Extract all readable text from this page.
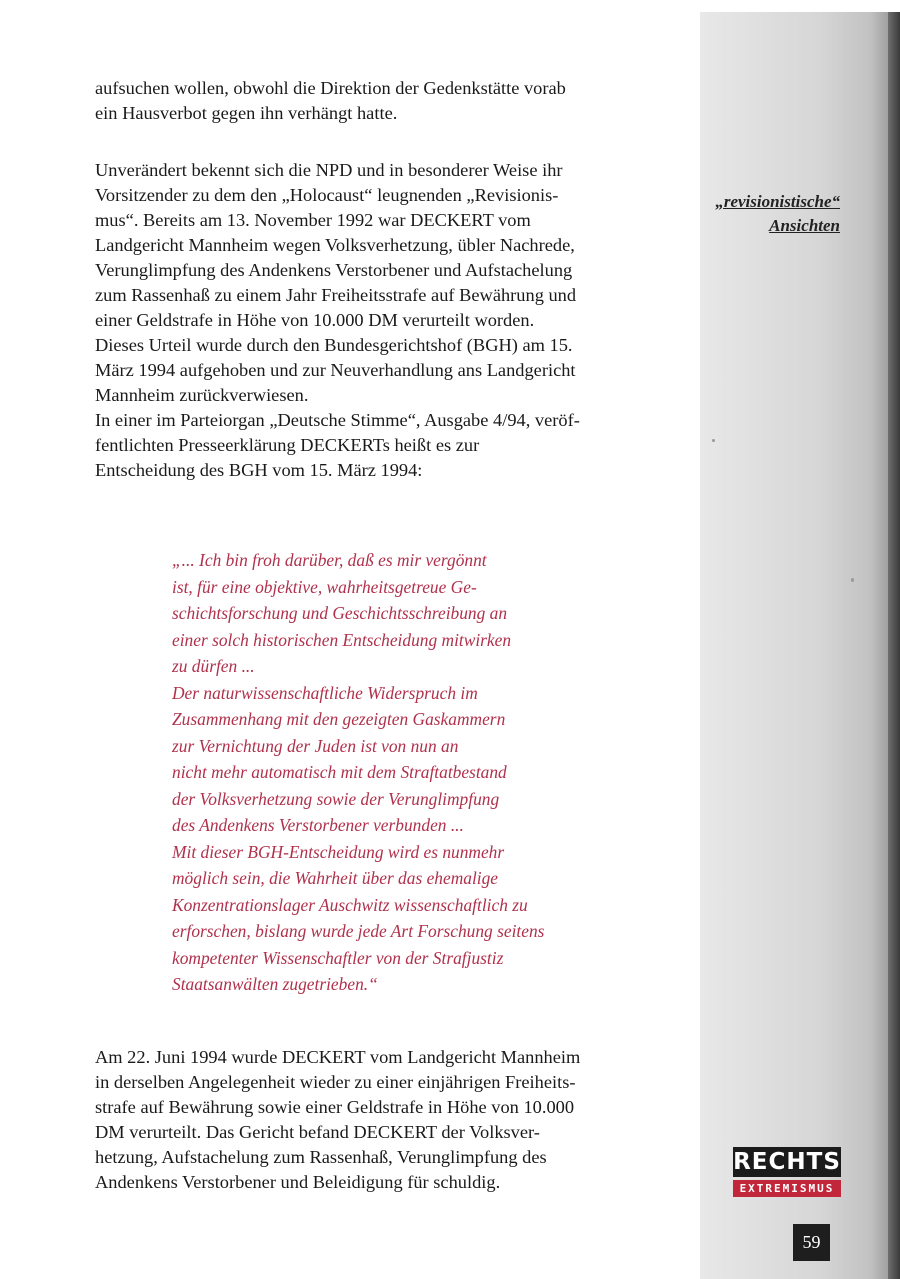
aufsuchen wollen, obwohl die Direktion der Gedenkstätte vorab
ein Hausverbot gegen ihn verhängt hatte.
Unverändert bekennt sich die NPD und in besonderer Weise ihr
Vorsitzender zu dem den „Holocaust“ leugnenden „Revisionis-
mus“. Bereits am 13. November 1992 war DECKERT vom
Landgericht Mannheim wegen Volksverhetzung, übler Nachrede,
Verunglimpfung des Andenkens Verstorbener und Aufstachelung
zum Rassenhaß zu einem Jahr Freiheitsstrafe auf Bewährung und
einer Geldstrafe in Höhe von 10.000 DM verurteilt worden.
Dieses Urteil wurde durch den Bundesgerichtshof (BGH) am 15.
März 1994 aufgehoben und zur Neuverhandlung ans Landgericht
Mannheim zurückverwiesen.
In einer im Parteiorgan „Deutsche Stimme“, Ausgabe 4/94, veröf-
fentlichten Presseerklärung DECKERTs heißt es zur
Entscheidung des BGH vom 15. März 1994:
„... Ich bin froh darüber, daß es mir vergönnt
ist, für eine objektive, wahrheitsgetreue Ge-
schichtsforschung und Geschichtsschreibung an
einer solch historischen Entscheidung mitwirken
zu dürfen ...
Der naturwissenschaftliche Widerspruch im
Zusammenhang mit den gezeigten Gaskammern
zur Vernichtung der Juden ist von nun an
nicht mehr automatisch mit dem Straftatbestand
der Volksverhetzung sowie der Verunglimpfung
des Andenkens Verstorbener verbunden ...
Mit dieser BGH-Entscheidung wird es nunmehr
möglich sein, die Wahrheit über das ehemalige
Konzentrationslager Auschwitz wissenschaftlich zu
erforschen, bislang wurde jede Art Forschung seitens
kompetenter Wissenschaftler von der Strafjustiz
Staatsanwälten zugetrieben.“
Am 22. Juni 1994 wurde DECKERT vom Landgericht Mannheim
in derselben Angelegenheit wieder zu einer einjährigen Freiheits-
strafe auf Bewährung sowie einer Geldstrafe in Höhe von 10.000
DM verurteilt. Das Gericht befand DECKERT der Volksver-
hetzung, Aufstachelung zum Rassenhaß, Verunglimpfung des
Andenkens Verstorbener und Beleidigung für schuldig.
„revisionistische“
Ansichten
RECHTS
EXTREMISMUS
59
